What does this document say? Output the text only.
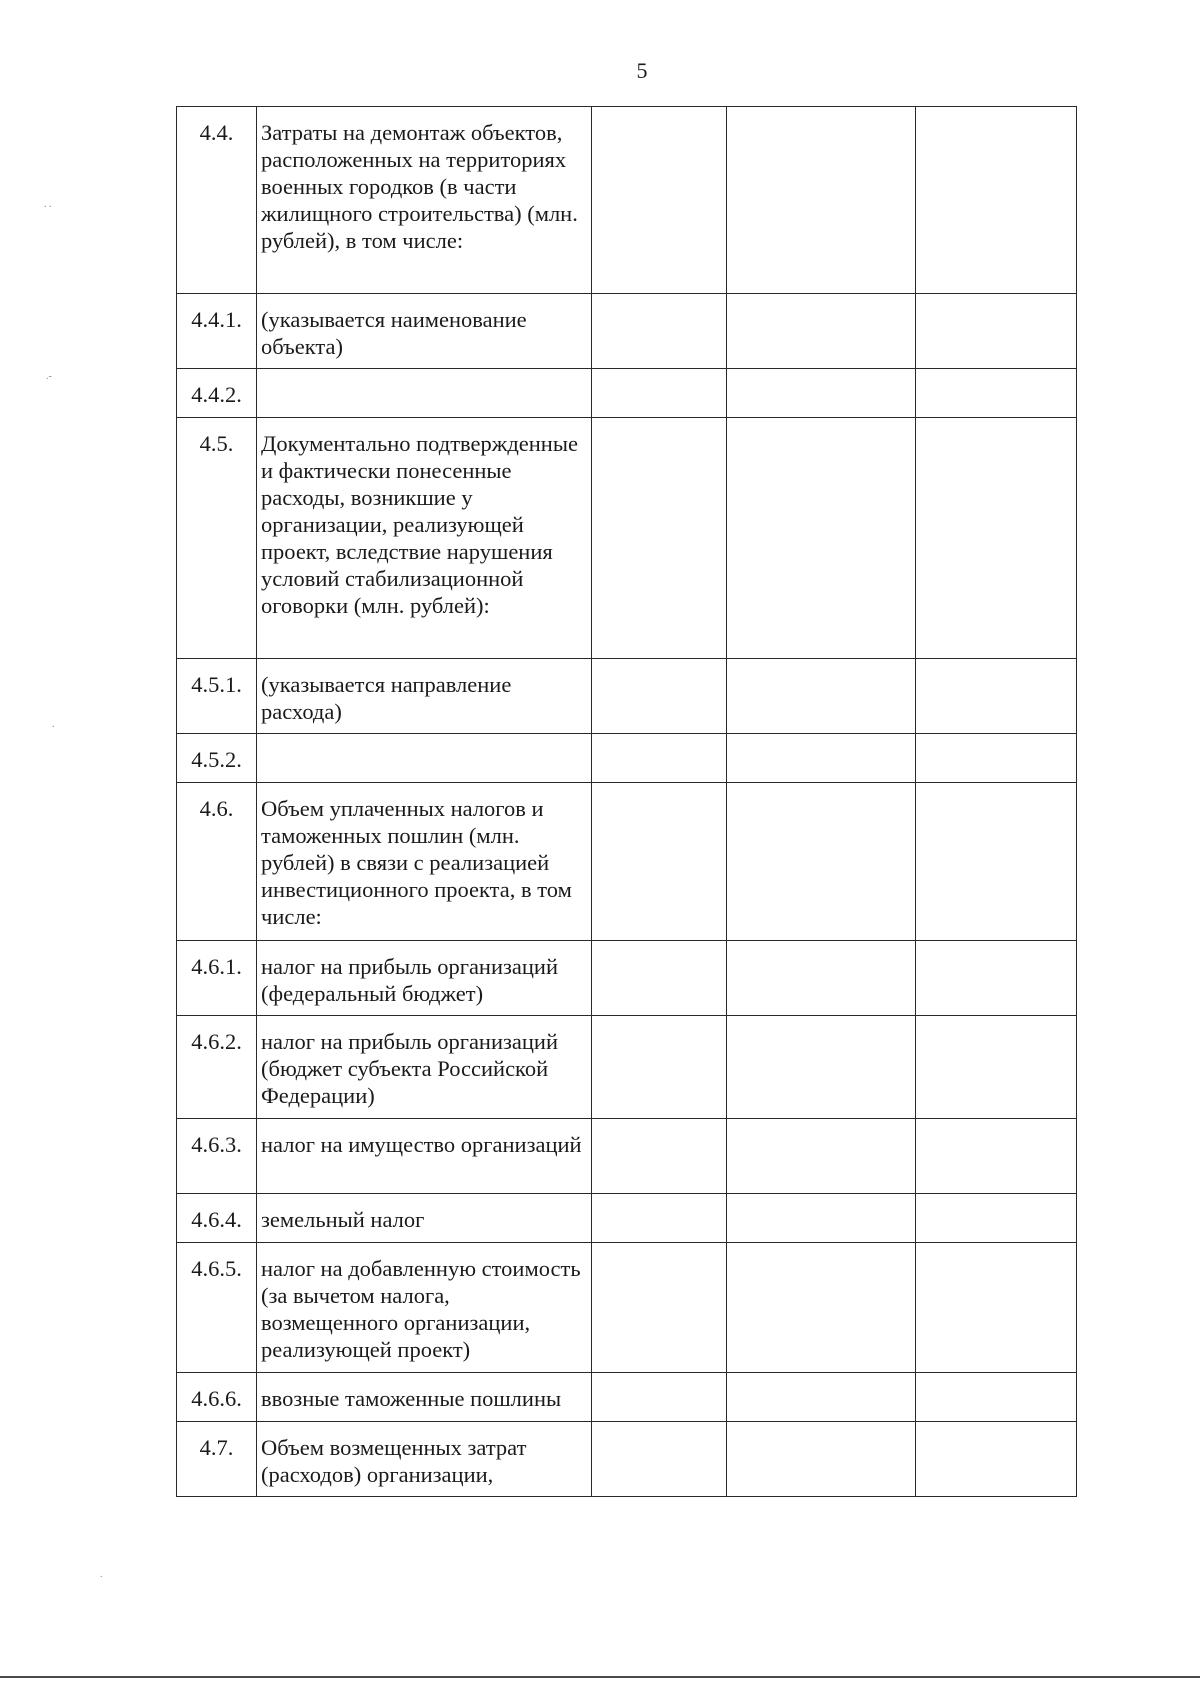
5
. .
.-
.
.
4.4.	Затраты на демонтаж объектов, расположенных на территориях военных городков (в части жилищного строительства) (млн. рублей), в том числе:			
4.4.1.	(указывается наименование объекта)			
4.4.2.				
4.5.	Документально подтвержденные и фактически понесенные расходы, возникшие у организации, реализующей проект, вследствие нарушения условий стабилизационной оговорки (млн. рублей):			
4.5.1.	(указывается направление расхода)			
4.5.2.				
4.6.	Объем уплаченных налогов и таможенных пошлин (млн. рублей) в связи с реализацией инвестиционного проекта, в том числе:			
4.6.1.	налог на прибыль организаций (федеральный бюджет)			
4.6.2.	налог на прибыль организаций (бюджет субъекта Российской Федерации)			
4.6.3.	налог на имущество организаций			
4.6.4.	земельный налог			
4.6.5.	налог на добавленную стоимость (за вычетом налога, возмещенного организации, реализующей проект)			
4.6.6.	ввозные таможенные пошлины			
4.7.	Объем возмещенных затрат (расходов) организации,			
